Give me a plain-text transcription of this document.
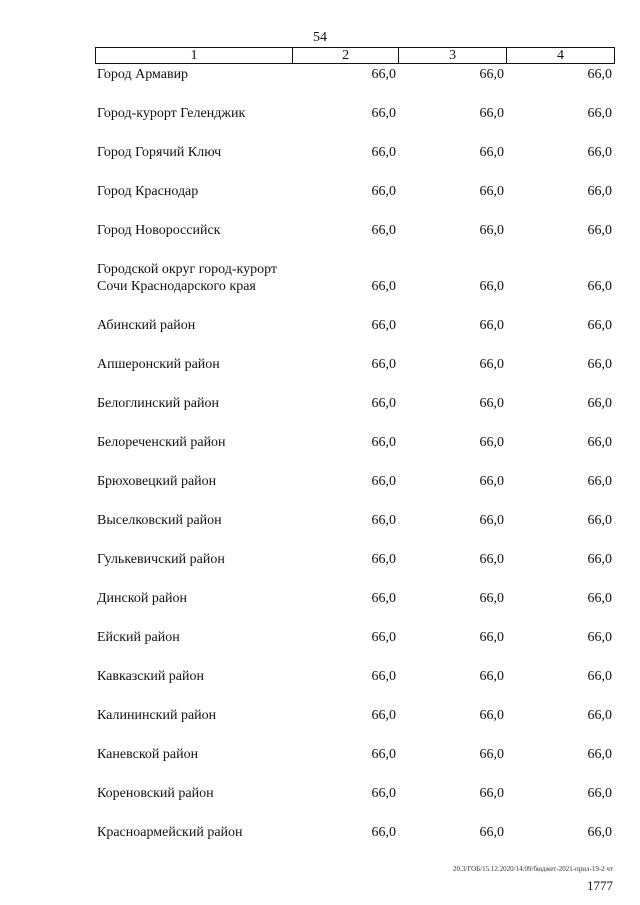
54
1	2	3	4
Город Армавир	66,0	66,0	66,0
Город-курорт Геленджик	66,0	66,0	66,0
Город Горячий Ключ	66,0	66,0	66,0
Город Краснодар	66,0	66,0	66,0
Город Новороссийск	66,0	66,0	66,0
Городской округ город-курорт
Сочи Краснодарского края	66,0	66,0	66,0
Абинский район	66,0	66,0	66,0
Апшеронский район	66,0	66,0	66,0
Белоглинский район	66,0	66,0	66,0
Белореченский район	66,0	66,0	66,0
Брюховецкий район	66,0	66,0	66,0
Выселковский район	66,0	66,0	66,0
Гулькевичский район	66,0	66,0	66,0
Динской район	66,0	66,0	66,0
Ейский район	66,0	66,0	66,0
Кавказский район	66,0	66,0	66,0
Калининский район	66,0	66,0	66,0
Каневской район	66,0	66,0	66,0
Кореновский район	66,0	66,0	66,0
Красноармейский район	66,0	66,0	66,0
20.3/ГОБ/15.12.2020/14:09/бюджет-2021-прил-19-2 чт
1777
